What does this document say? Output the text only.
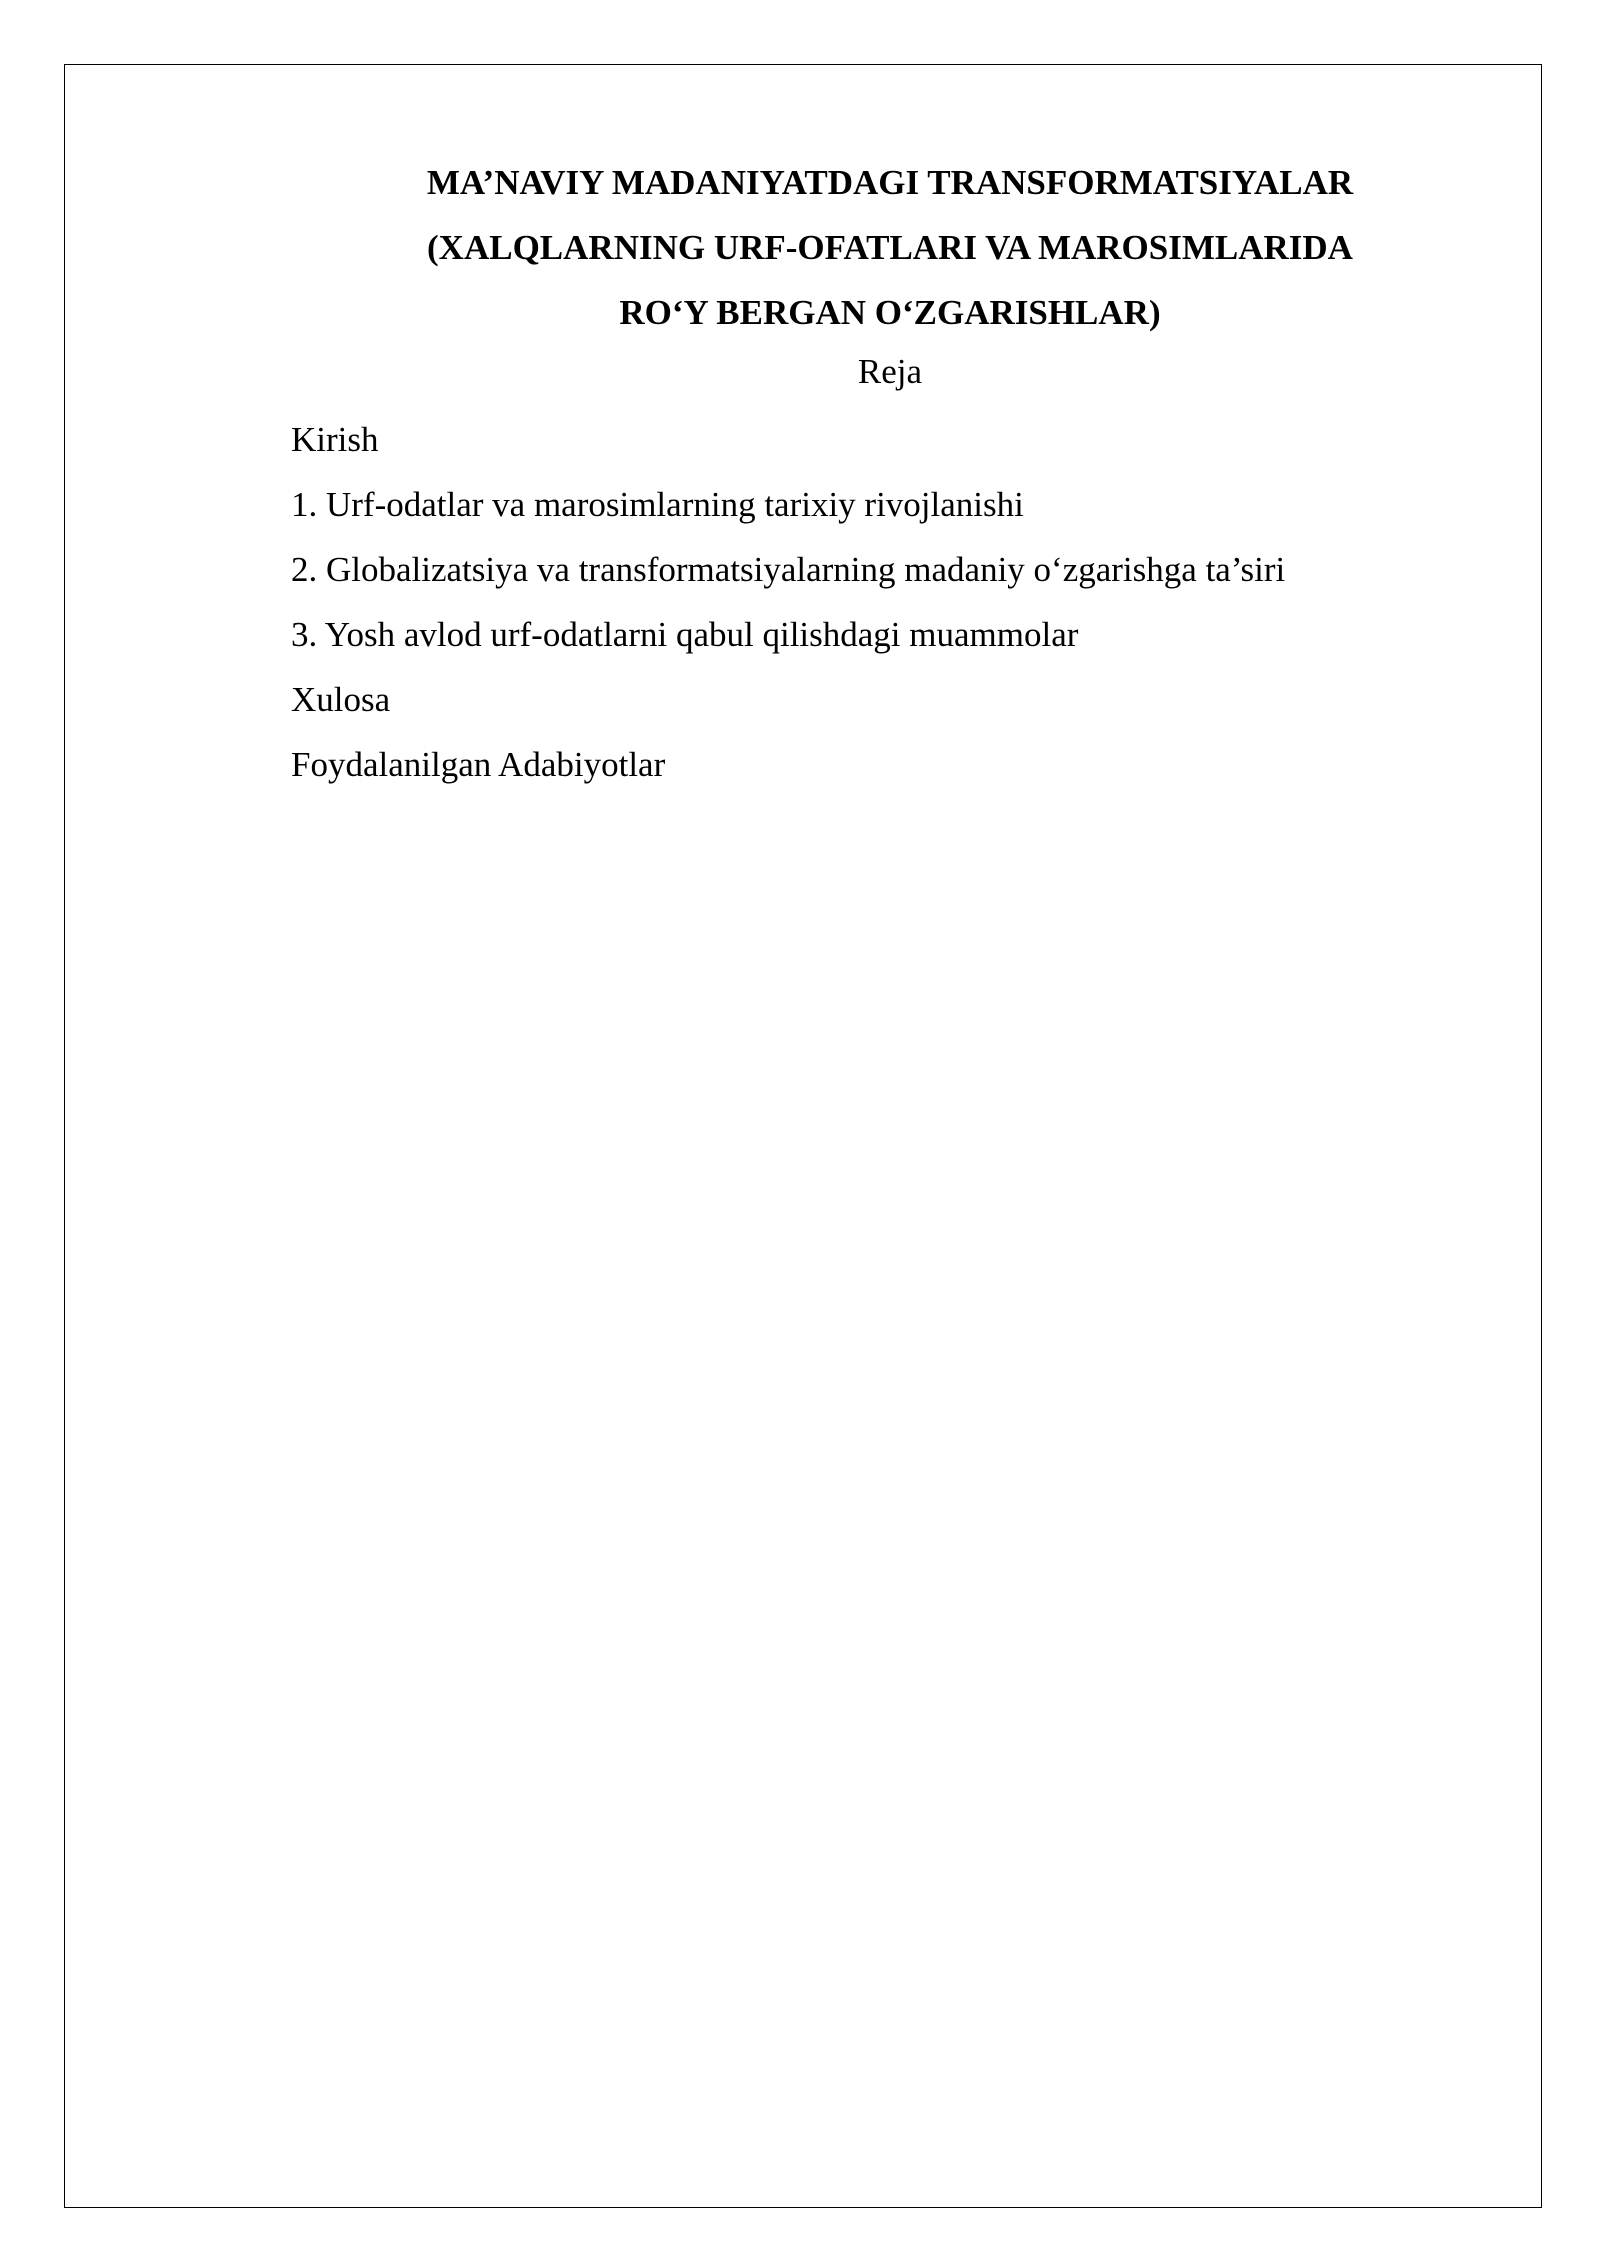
MA’NAVIY MADANIYATDAGI TRANSFORMATSIYALAR
(XALQLARNING URF-OFATLARI VA MAROSIMLARIDA
RO‘Y BERGAN O‘ZGARISHLAR)
Reja
Kirish
1. Urf-odatlar va marosimlarning tarixiy rivojlanishi
2. Globalizatsiya va transformatsiyalarning madaniy o‘zgarishga ta’siri
3. Yosh avlod urf-odatlarni qabul qilishdagi muammolar
Xulosa
Foydalanilgan Adabiyotlar
